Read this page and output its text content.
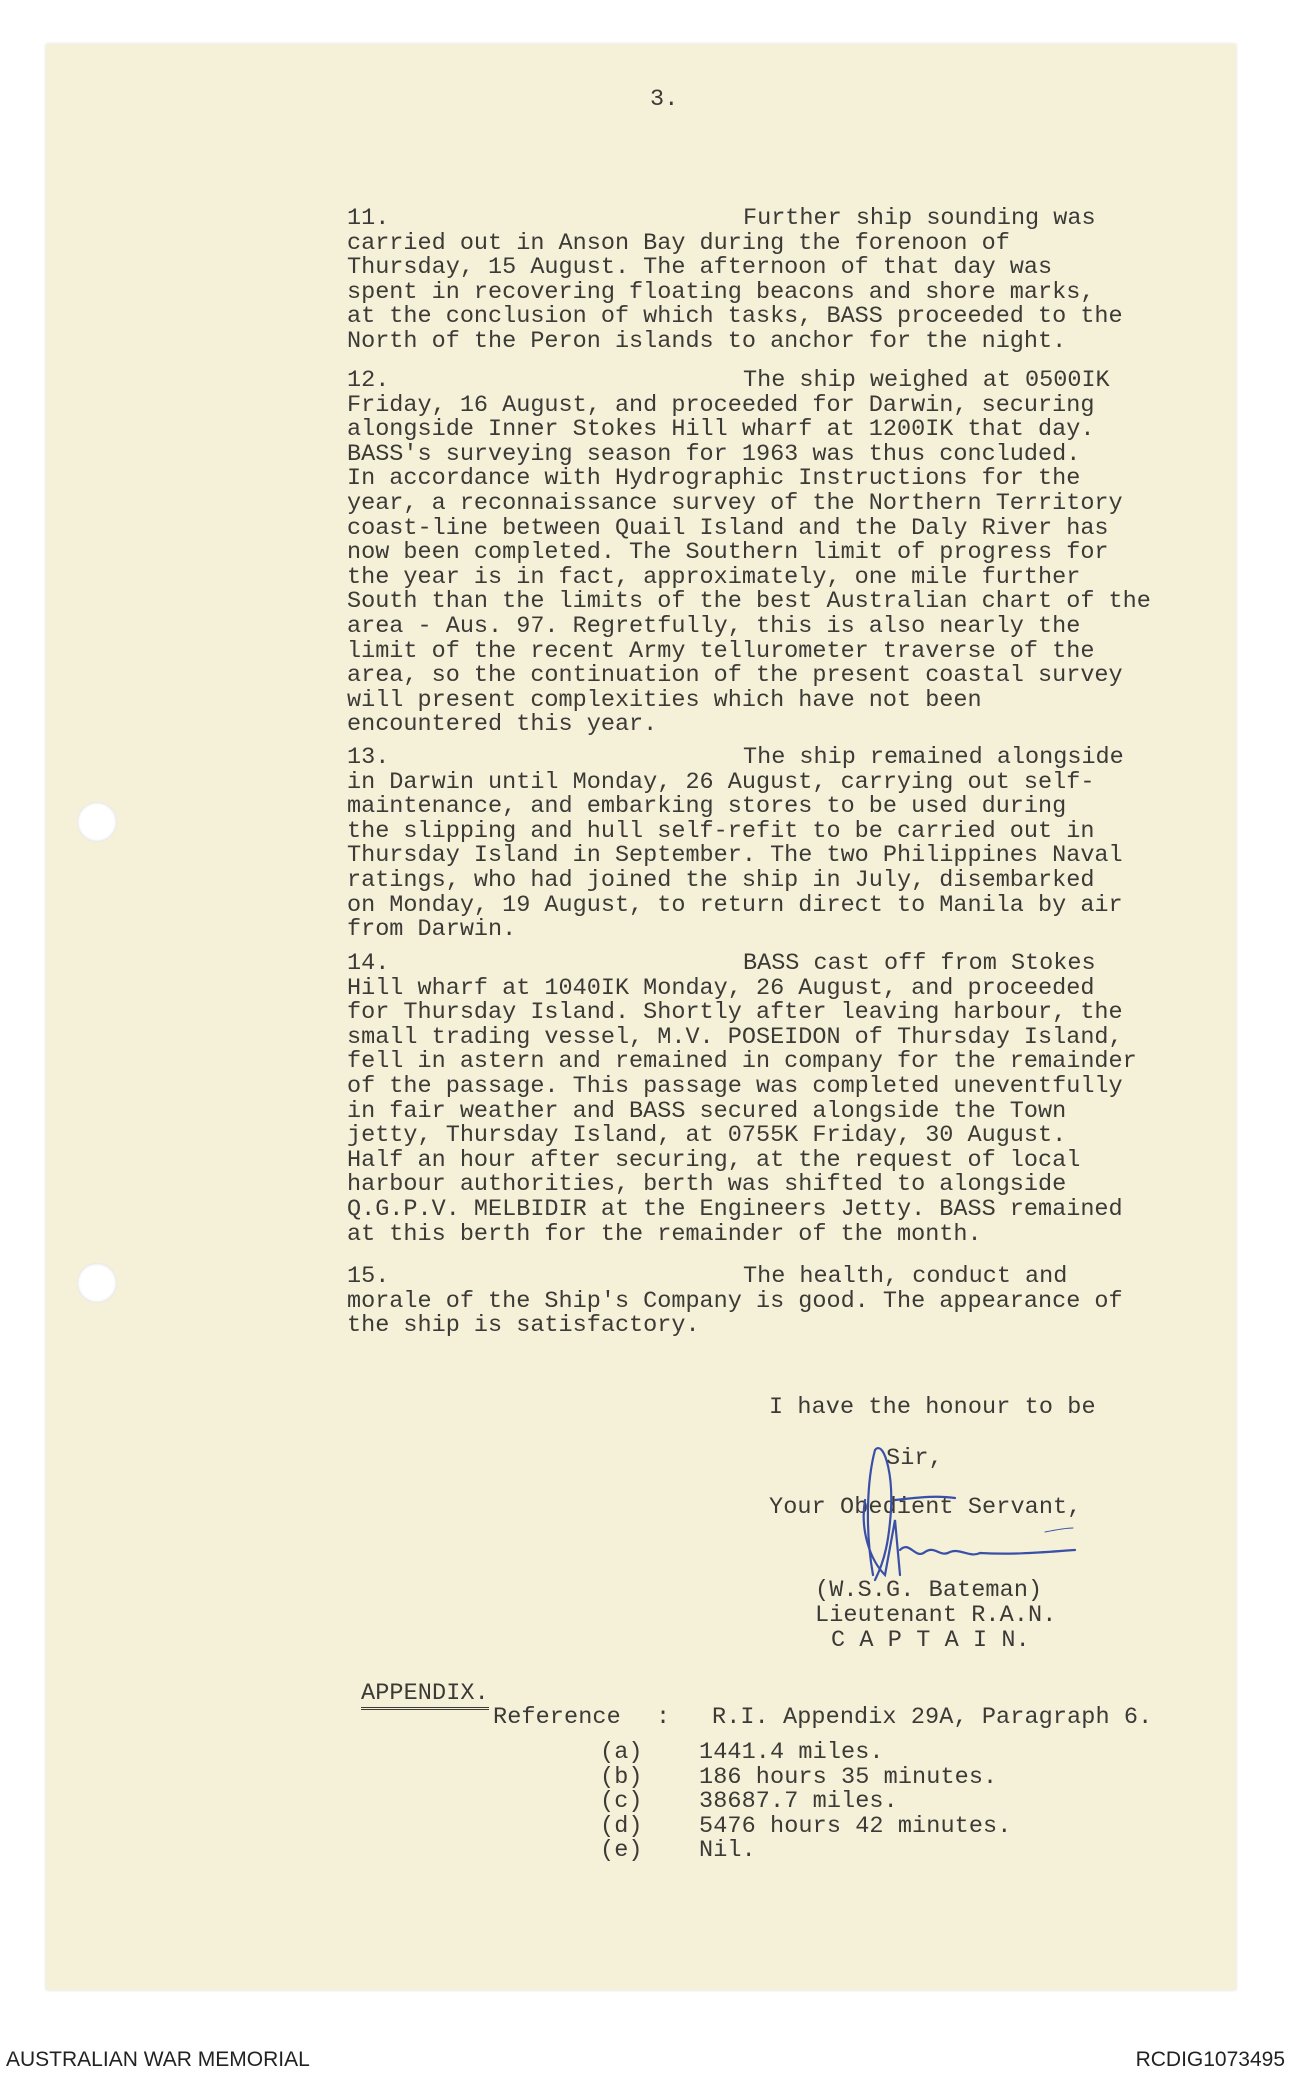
3.
11.	Further ship sounding was
carried out in Anson Bay during the forenoon of
Thursday, 15 August. The afternoon of that day was
spent in recovering floating beacons and shore marks,
at the conclusion of which tasks, BASS proceeded to the
North of the Peron islands to anchor for the night.
12.	The ship weighed at 0500IK
Friday, 16 August, and proceeded for Darwin, securing
alongside Inner Stokes Hill wharf at 1200IK that day.
BASS's surveying season for 1963 was thus concluded.
In accordance with Hydrographic Instructions for the
year, a reconnaissance survey of the Northern Territory
coast-line between Quail Island and the Daly River has
now been completed. The Southern limit of progress for
the year is in fact, approximately, one mile further
South than the limits of the best Australian chart of the
area - Aus. 97. Regretfully, this is also nearly the
limit of the recent Army tellurometer traverse of the
area, so the continuation of the present coastal survey
will present complexities which have not been
encountered this year.
13.	The ship remained alongside
in Darwin until Monday, 26 August, carrying out self-
maintenance, and embarking stores to be used during
the slipping and hull self-refit to be carried out in
Thursday Island in September. The two Philippines Naval
ratings, who had joined the ship in July, disembarked
on Monday, 19 August, to return direct to Manila by air
from Darwin.
14.	BASS cast off from Stokes
Hill wharf at 1040IK Monday, 26 August, and proceeded
for Thursday Island. Shortly after leaving harbour, the
small trading vessel, M.V. POSEIDON of Thursday Island,
fell in astern and remained in company for the remainder
of the passage. This passage was completed uneventfully
in fair weather and BASS secured alongside the Town
jetty, Thursday Island, at 0755K Friday, 30 August.
Half an hour after securing, at the request of local
harbour authorities, berth was shifted to alongside
Q.G.P.V. MELBIDIR at the Engineers Jetty. BASS remained
at this berth for the remainder of the month.
15.	The health, conduct and
morale of the Ship's Company is good. The appearance of
the ship is satisfactory.
I have the honour to be
Sir,
Your Obedient Servant,
(W.S.G. Bateman)
Lieutenant R.A.N.
C A P T A I N.
APPENDIX.
Reference : R.I. Appendix 29A, Paragraph 6.
(a) 1441.4 miles.
(b) 186 hours 35 minutes.
(c) 38687.7 miles.
(d) 5476 hours 42 minutes.
(e) Nil.
AUSTRALIAN WAR MEMORIAL	RCDIG1073495
